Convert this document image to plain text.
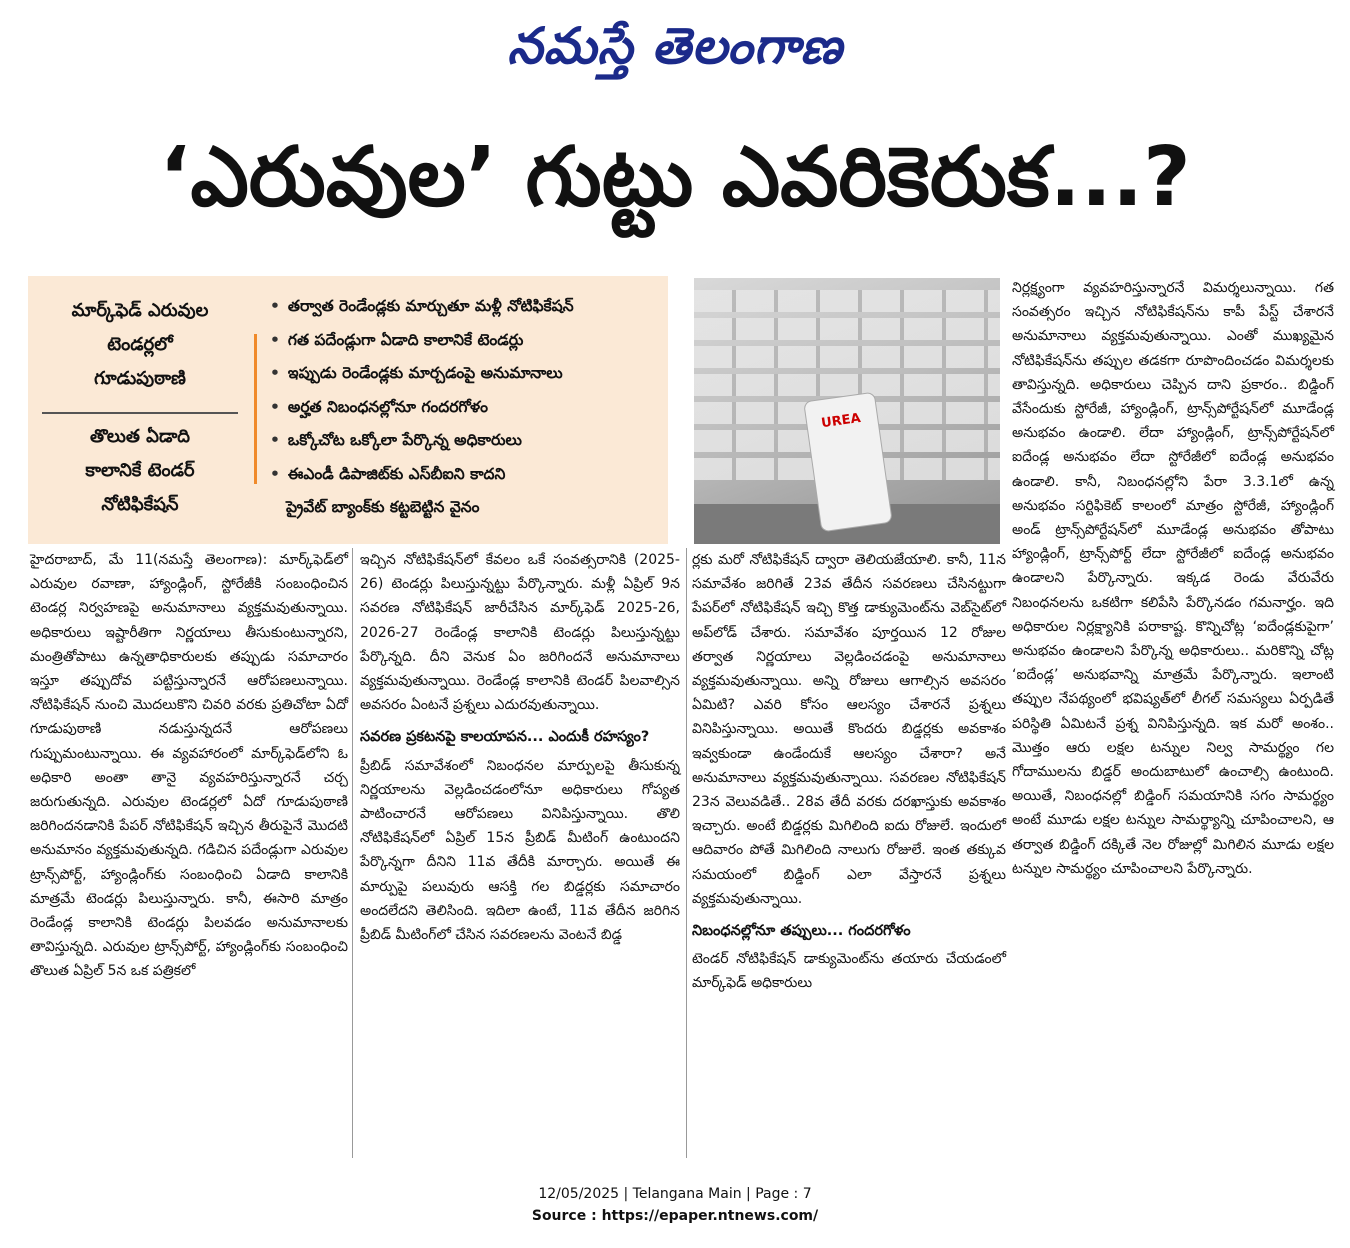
నమస్తే తెలంగాణ
‘ఎరువుల’ గుట్టు ఎవరికెరుక...?
మార్క్‌ఫెడ్ ఎరువుల
టెండర్లలో
గూడుపుఠాణి
తొలుత ఏడాది
కాలానికే టెండర్
నోటిఫికేషన్
• తర్వాత రెండేండ్లకు మార్చుతూ మళ్లీ నోటిఫికేషన్
• గత పదేండ్లుగా ఏడాది కాలానికే టెండర్లు
• ఇప్పుడు రెండేండ్లకు మార్చడంపై అనుమానాలు
• అర్హత నిబంధనల్లోనూ గందరగోళం
• ఒక్కోచోట ఒక్కోలా పేర్కొన్న అధికారులు
• ఈఎండీ డిపాజిట్‌కు ఎస్‌బీఐని కాదని
ప్రైవేట్ బ్యాంక్‌కు కట్టబెట్టిన వైనం
UREA

హైదరాబాద్, మే 11(నమస్తే తెలంగాణ): మార్క్‌ఫెడ్‌లో ఎరువుల రవాణా, హ్యాండ్లింగ్, స్టోరేజీకి సంబంధించిన టెండర్ల నిర్వహణపై అనుమానాలు వ్యక్తమవుతున్నాయి. అధికారులు ఇష్టారీతిగా నిర్ణయాలు తీసుకుంటున్నారని, మంత్రితోపాటు ఉన్నతాధికారులకు తప్పుడు సమాచారం ఇస్తూ తప్పుదోవ పట్టిస్తున్నారనే ఆరోపణలున్నాయి. నోటిఫికేషన్ నుంచి మొదలుకొని చివరి వరకు ప్రతిచోటా ఏదో గూడుపుఠాణి నడుస్తున్నదనే ఆరోపణలు గుప్పుమంటున్నాయి. ఈ వ్యవహారంలో మార్క్‌ఫెడ్‌లోని ఓ అధికారి అంతా తానై వ్యవహరిస్తున్నారనే చర్చ జరుగుతున్నది. ఎరువుల టెండర్లలో ఏదో గూడుపుఠాణి జరిగిందనడానికి పేపర్ నోటిఫికేషన్ ఇచ్చిన తీరుపైనే మొదటి అనుమానం వ్యక్తమవుతున్నది. గడిచిన పదేండ్లుగా ఎరువుల ట్రాన్స్‌పోర్ట్, హ్యాండ్లింగ్‌కు సంబంధించి ఏడాది కాలానికి మాత్రమే టెండర్లు పిలుస్తున్నారు. కానీ, ఈసారి మాత్రం రెండేండ్ల కాలానికి టెండర్లు పిలవడం అనుమానాలకు తావిస్తున్నది. ఎరువుల ట్రాన్స్‌పోర్ట్, హ్యాండ్లింగ్‌కు సంబంధించి తొలుత ఏప్రిల్ 5న ఒక పత్రికలో

ఇచ్చిన నోటిఫికేషన్‌లో కేవలం ఒకే సంవత్సరానికి (2025-26) టెండర్లు పిలుస్తున్నట్టు పేర్కొన్నారు. మళ్లీ ఏప్రిల్ 9న సవరణ నోటిఫికేషన్ జారీచేసిన మార్క్‌ఫెడ్ 2025-26, 2026-27 రెండేండ్ల కాలానికి టెండర్లు పిలుస్తున్నట్టు పేర్కొన్నది. దీని వెనుక ఏం జరిగిందనే అనుమానాలు వ్యక్తమవుతున్నాయి. రెండేండ్ల కాలానికి టెండర్ పిలవాల్సిన అవసరం ఏంటనే ప్రశ్నలు ఎదురవుతున్నాయి.

సవరణ ప్రకటనపై కాలయాపన... ఎందుకీ రహస్యం?

ప్రీబిడ్ సమావేశంలో నిబంధనల మార్పులపై తీసుకున్న నిర్ణయాలను వెల్లడించడంలోనూ అధికారులు గోప్యత పాటించారనే ఆరోపణలు వినిపిస్తున్నాయి. తొలి నోటిఫికేషన్‌లో ఏప్రిల్ 15న ప్రీబిడ్ మీటింగ్ ఉంటుందని పేర్కొన్నగా దీనిని 11వ తేదీకి మార్చారు. అయితే ఈ మార్పుపై పలువురు ఆసక్తి గల బిడ్డర్లకు సమాచారం అందలేదని తెలిసింది. ఇదిలా ఉంటే, 11వ తేదీన జరిగిన ప్రీబిడ్ మీటింగ్‌లో చేసిన సవరణలను వెంటనే బిడ్డ

ర్లకు మరో నోటిఫికేషన్ ద్వారా తెలియజేయాలి. కానీ, 11న సమావేశం జరిగితే 23వ తేదీన సవరణలు చేసినట్టుగా పేపర్‌లో నోటిఫికేషన్ ఇచ్చి కొత్త డాక్యుమెంట్‌ను వెబ్‌సైట్‌లో అప్‌లోడ్ చేశారు. సమావేశం పూర్తయిన 12 రోజుల తర్వాత నిర్ణయాలు వెల్లడించడంపై అనుమానాలు వ్యక్తమవుతున్నాయి. అన్ని రోజులు ఆగాల్సిన అవసరం ఏమిటి? ఎవరి కోసం ఆలస్యం చేశారనే ప్రశ్నలు వినిపిస్తున్నాయి. అయితే కొందరు బిడ్డర్లకు అవకాశం ఇవ్వకుండా ఉండేందుకే ఆలస్యం చేశారా? అనే అనుమానాలు వ్యక్తమవుతున్నాయి. సవరణల నోటిఫికేషన్ 23న వెలువడితే.. 28వ తేదీ వరకు దరఖాస్తుకు అవకాశం ఇచ్చారు. అంటే బిడ్డర్లకు మిగిలింది ఐదు రోజులే. ఇందులో ఆదివారం పోతే మిగిలింది నాలుగు రోజులే. ఇంత తక్కువ సమయంలో బిడ్డింగ్ ఎలా వేస్తారనే ప్రశ్నలు వ్యక్తమవుతున్నాయి.

నిబంధనల్లోనూ తప్పులు... గందరగోళం

టెండర్ నోటిఫికేషన్ డాక్యుమెంట్‌ను తయారు చేయడంలో మార్క్‌ఫెడ్ అధికారులు

నిర్లక్ష్యంగా వ్యవహరిస్తున్నారనే విమర్శలున్నాయి. గత సంవత్సరం ఇచ్చిన నోటిఫికేషన్‌ను కాపీ పేస్ట్ చేశారనే అనుమానాలు వ్యక్తమవుతున్నాయి. ఎంతో ముఖ్యమైన నోటిఫికేషన్‌ను తప్పుల తడకగా రూపొందించడం విమర్శలకు తావిస్తున్నది. అధికారులు చెప్పిన దాని ప్రకారం.. బిడ్డింగ్ వేసేందుకు స్టోరేజీ, హ్యాండ్లింగ్, ట్రాన్స్‌పోర్టేషన్‌లో మూడేండ్ల అనుభవం ఉండాలి. లేదా హ్యాండ్లింగ్, ట్రాన్స్‌పోర్టేషన్‌లో ఐదేండ్ల అనుభవం లేదా స్టోరేజీలో ఐదేండ్ల అనుభవం ఉండాలి. కానీ, నిబంధనల్లోని పేరా 3.3.1లో ఉన్న అనుభవం సర్టిఫికెట్ కాలంలో మాత్రం స్టోరేజీ, హ్యాండ్లింగ్ అండ్ ట్రాన్స్‌పోర్టేషన్‌లో మూడేండ్ల అనుభవం తోపాటు హ్యాండ్లింగ్, ట్రాన్స్‌పోర్ట్ లేదా స్టోరేజీలో ఐదేండ్ల అనుభవం ఉండాలని పేర్కొన్నారు. ఇక్కడ రెండు వేరువేరు నిబంధనలను ఒకటిగా కలిపేసి పేర్కొనడం గమనార్హం. ఇది అధికారుల నిర్లక్ష్యానికి పరాకాష్ట. కొన్నిచోట్ల ‘ఐదేండ్లకుపైగా’ అనుభవం ఉండాలని పేర్కొన్న అధికారులు.. మరికొన్ని చోట్ల ‘ఐదేండ్ల’ అనుభవాన్ని మాత్రమే పేర్కొన్నారు. ఇలాంటి తప్పుల నేపథ్యంలో భవిష్యత్‌లో లీగల్ సమస్యలు ఏర్పడితే పరిస్థితి ఏమిటనే ప్రశ్న వినిపిస్తున్నది. ఇక మరో అంశం.. మొత్తం ఆరు లక్షల టన్నుల నిల్వ సామర్థ్యం గల గోదాములను బిడ్డర్ అందుబాటులో ఉంచాల్సి ఉంటుంది. అయితే, నిబంధనల్లో బిడ్డింగ్ సమయానికి సగం సామర్థ్యం అంటే మూడు లక్షల టన్నుల సామర్థ్యాన్ని చూపించాలని, ఆ తర్వాత బిడ్డింగ్ దక్కితే నెల రోజుల్లో మిగిలిన మూడు లక్షల టన్నుల సామర్థ్యం చూపించాలని పేర్కొన్నారు.

12/05/2025 | Telangana Main | Page : 7
Source : https://epaper.ntnews.com/
